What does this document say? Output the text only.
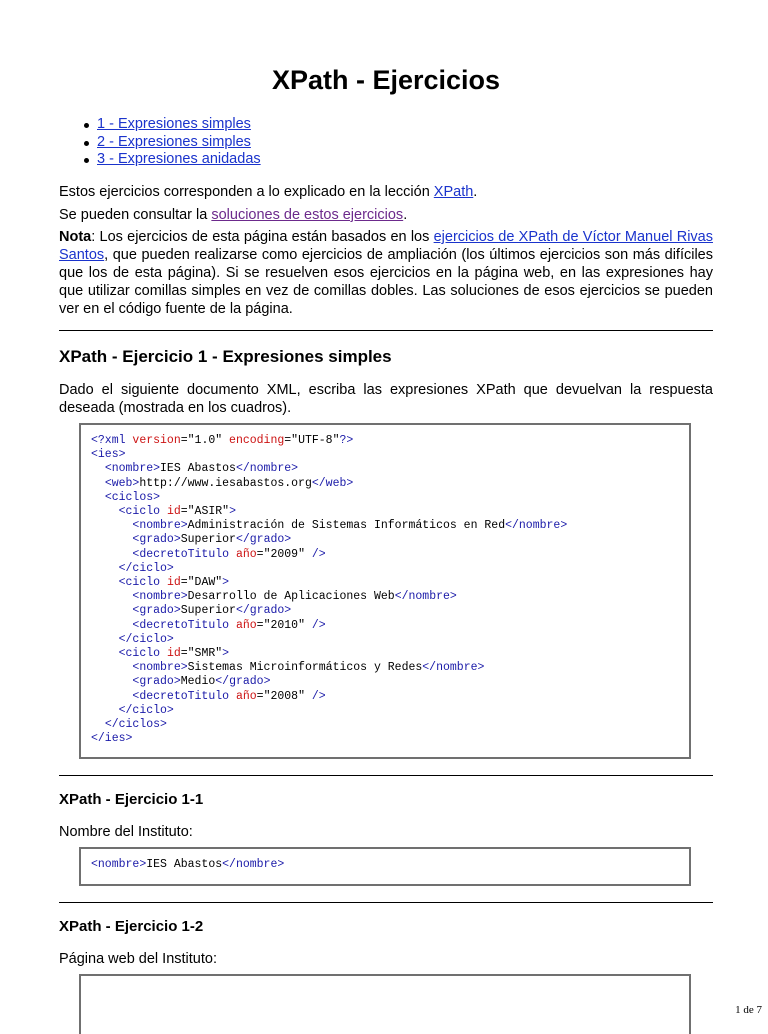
XPath - Ejercicios
1 - Expresiones simples
2 - Expresiones simples
3 - Expresiones anidadas

Estos ejercicios corresponden a lo explicado en la lección XPath.

Se pueden consultar la soluciones de estos ejercicios.

Nota: Los ejercicios de esta página están basados en los ejercicios de XPath de Víctor Manuel Rivas Santos, que pueden realizarse como ejercicios de ampliación (los últimos ejercicios son más difíciles que los de esta página). Si se resuelven esos ejercicios en la página web, en las expresiones hay que utilizar comillas simples en vez de comillas dobles. Las soluciones de esos ejercicios se pueden ver en el código fuente de la página.

XPath - Ejercicio 1 - Expresiones simples

Dado el siguiente documento XML, escriba las expresiones XPath que devuelvan la respuesta deseada (mostrada en los cuadros).

<?xml version="1.0" encoding="UTF-8"?>
<ies>
<nombre>IES Abastos</nombre>
<web>http://www.iesabastos.org</web>
<ciclos>
<ciclo id="ASIR">
<nombre>Administración de Sistemas Informáticos en Red</nombre>
<grado>Superior</grado>
<decretoTitulo año="2009" />
</ciclo>
<ciclo id="DAW">
<nombre>Desarrollo de Aplicaciones Web</nombre>
<grado>Superior</grado>
<decretoTitulo año="2010" />
</ciclo>
<ciclo id="SMR">
<nombre>Sistemas Microinformáticos y Redes</nombre>
<grado>Medio</grado>
<decretoTitulo año="2008" />
</ciclo>
</ciclos>
</ies>
XPath - Ejercicio 1-1

Nombre del Instituto:

<nombre>IES Abastos</nombre>
XPath - Ejercicio 1-2

Página web del Instituto:

1 de 7
